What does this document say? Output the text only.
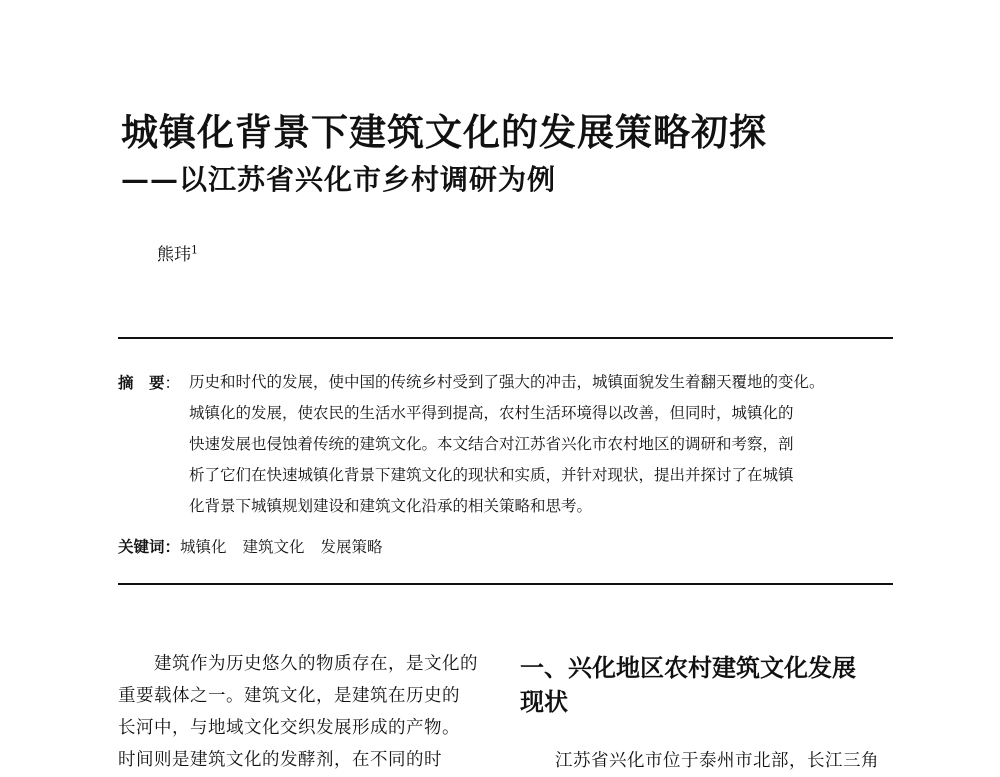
城镇化背景下建筑文化的发展策略初探
——以江苏省兴化市乡村调研为例
熊玮$^1$
摘　要： 历史和时代的发展，使中国的传统乡村受到了强大的冲击，城镇面貌发生着翻天覆地的变化。
城镇化的发展，使农民的生活水平得到提高，农村生活环境得以改善，但同时，城镇化的
快速发展也侵蚀着传统的建筑文化。本文结合对江苏省兴化市农村地区的调研和考察，剖
析了它们在快速城镇化背景下建筑文化的现状和实质，并针对现状，提出并探讨了在城镇
化背景下城镇规划建设和建筑文化沿承的相关策略和思考。
关键词：城镇化 建筑文化 发展策略
　　建筑作为历史悠久的物质存在，是文化的
重要载体之一。建筑文化，是建筑在历史的
长河中，与地域文化交织发展形成的产物。
时间则是建筑文化的发酵剂，在不同的时
一、兴化地区农村建筑文化发展
现状
江苏省兴化市位于泰州市北部，长江三角
